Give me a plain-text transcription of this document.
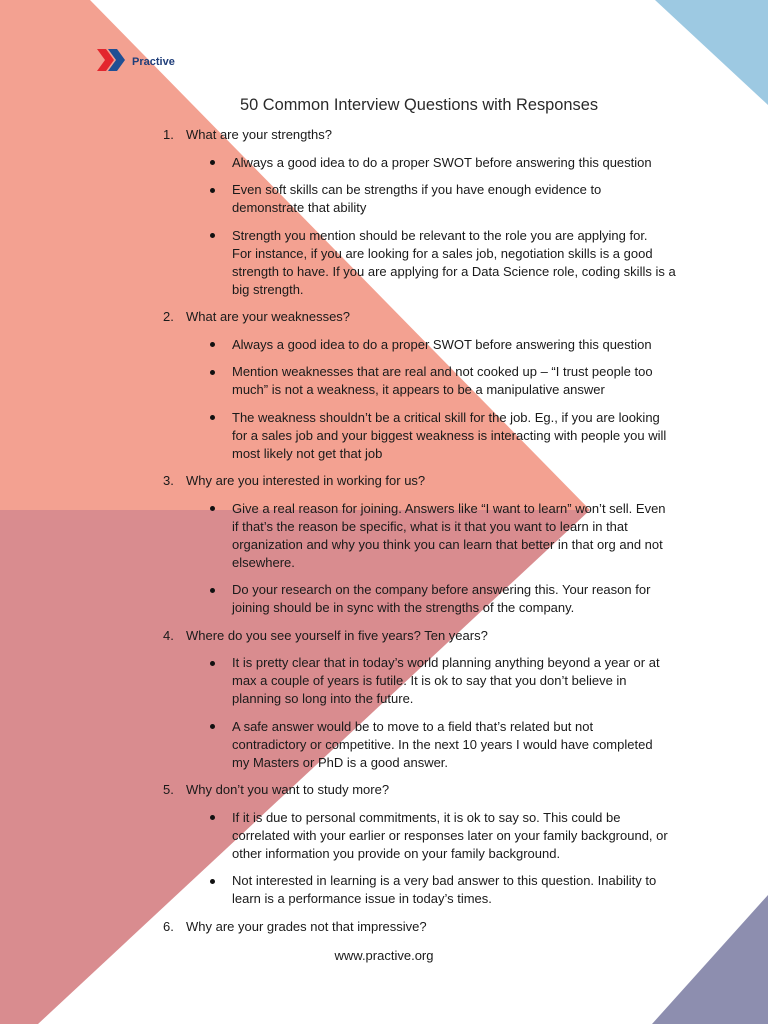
Practive
50 Common Interview Questions with Responses
1. What are your strengths?
Always a good idea to do a proper SWOT before answering this question
Even soft skills can be strengths if you have enough evidence to
demonstrate that ability
Strength you mention should be relevant to the role you are applying for.
For instance, if you are looking for a sales job, negotiation skills is a good
strength to have. If you are applying for a Data Science role, coding skills is a
big strength.
2. What are your weaknesses?
Always a good idea to do a proper SWOT before answering this question
Mention weaknesses that are real and not cooked up – “I trust people too
much” is not a weakness, it appears to be a manipulative answer
The weakness shouldn’t be a critical skill for the job. Eg., if you are looking
for a sales job and your biggest weakness is interacting with people you will
most likely not get that job
3. Why are you interested in working for us?
Give a real reason for joining. Answers like “I want to learn” won’t sell. Even
if that’s the reason be specific, what is it that you want to learn in that
organization and why you think you can learn that better in that org and not
elsewhere.
Do your research on the company before answering this. Your reason for
joining should be in sync with the strengths of the company.
4. Where do you see yourself in five years? Ten years?
It is pretty clear that in today’s world planning anything beyond a year or at
max a couple of years is futile. It is ok to say that you don’t believe in
planning so long into the future.
A safe answer would be to move to a field that’s related but not
contradictory or competitive. In the next 10 years I would have completed
my Masters or PhD is a good answer.
5. Why don’t you want to study more?
If it is due to personal commitments, it is ok to say so. This could be
correlated with your earlier or responses later on your family background, or
other information you provide on your family background.
Not interested in learning is a very bad answer to this question. Inability to
learn is a performance issue in today’s times.
6. Why are your grades not that impressive?
www.practive.org
